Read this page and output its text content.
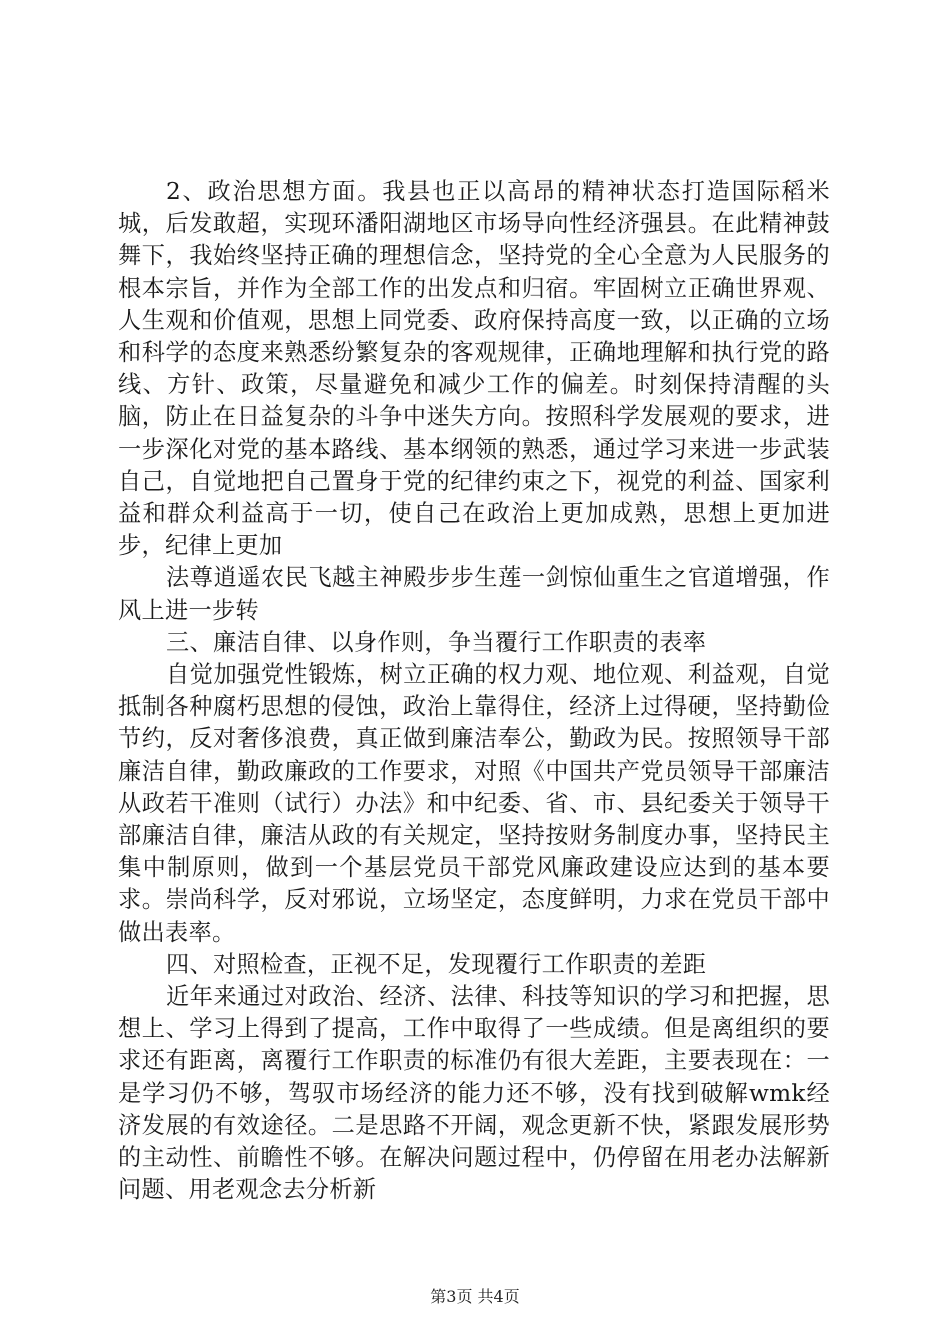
2、政治思想方面。我县也正以高昂的精神状态打造国际稻米城，后发敢超，实现环潘阳湖地区市场导向性经济强县。在此精神鼓舞下，我始终坚持正确的理想信念，坚持党的全心全意为人民服务的根本宗旨，并作为全部工作的出发点和归宿。牢固树立正确世界观、人生观和价值观，思想上同党委、政府保持高度一致，以正确的立场和科学的态度来熟悉纷繁复杂的客观规律，正确地理解和执行党的路线、方针、政策，尽量避免和减少工作的偏差。时刻保持清醒的头脑，防止在日益复杂的斗争中迷失方向。按照科学发展观的要求，进一步深化对党的基本路线、基本纲领的熟悉，通过学习来进一步武装自己，自觉地把自己置身于党的纪律约束之下，视党的利益、国家利益和群众利益高于一切，使自己在政治上更加成熟，思想上更加进步，纪律上更加

法尊逍遥农民飞越主神殿步步生莲一剑惊仙重生之官道增强，作风上进一步转

三、廉洁自律、以身作则，争当覆行工作职责的表率

自觉加强党性锻炼，树立正确的权力观、地位观、利益观，自觉抵制各种腐朽思想的侵蚀，政治上靠得住，经济上过得硬，坚持勤俭节约，反对奢侈浪费，真正做到廉洁奉公，勤政为民。按照领导干部廉洁自律，勤政廉政的工作要求，对照《中国共产党员领导干部廉洁从政若干准则（试行）办法》和中纪委、省、市、县纪委关于领导干部廉洁自律，廉洁从政的有关规定，坚持按财务制度办事，坚持民主集中制原则，做到一个基层党员干部党风廉政建设应达到的基本要求。崇尚科学，反对邪说，立场坚定，态度鲜明，力求在党员干部中做出表率。

四、对照检查，正视不足，发现覆行工作职责的差距

近年来通过对政治、经济、法律、科技等知识的学习和把握，思想上、学习上得到了提高，工作中取得了一些成绩。但是离组织的要求还有距离，离覆行工作职责的标准仍有很大差距，主要表现在：一是学习仍不够，驾驭市场经济的能力还不够，没有找到破解wmk经济发展的有效途径。二是思路不开阔，观念更新不快，紧跟发展形势的主动性、前瞻性不够。在解决问题过程中，仍停留在用老办法解新问题、用老观念去分析新

第3页 共4页
